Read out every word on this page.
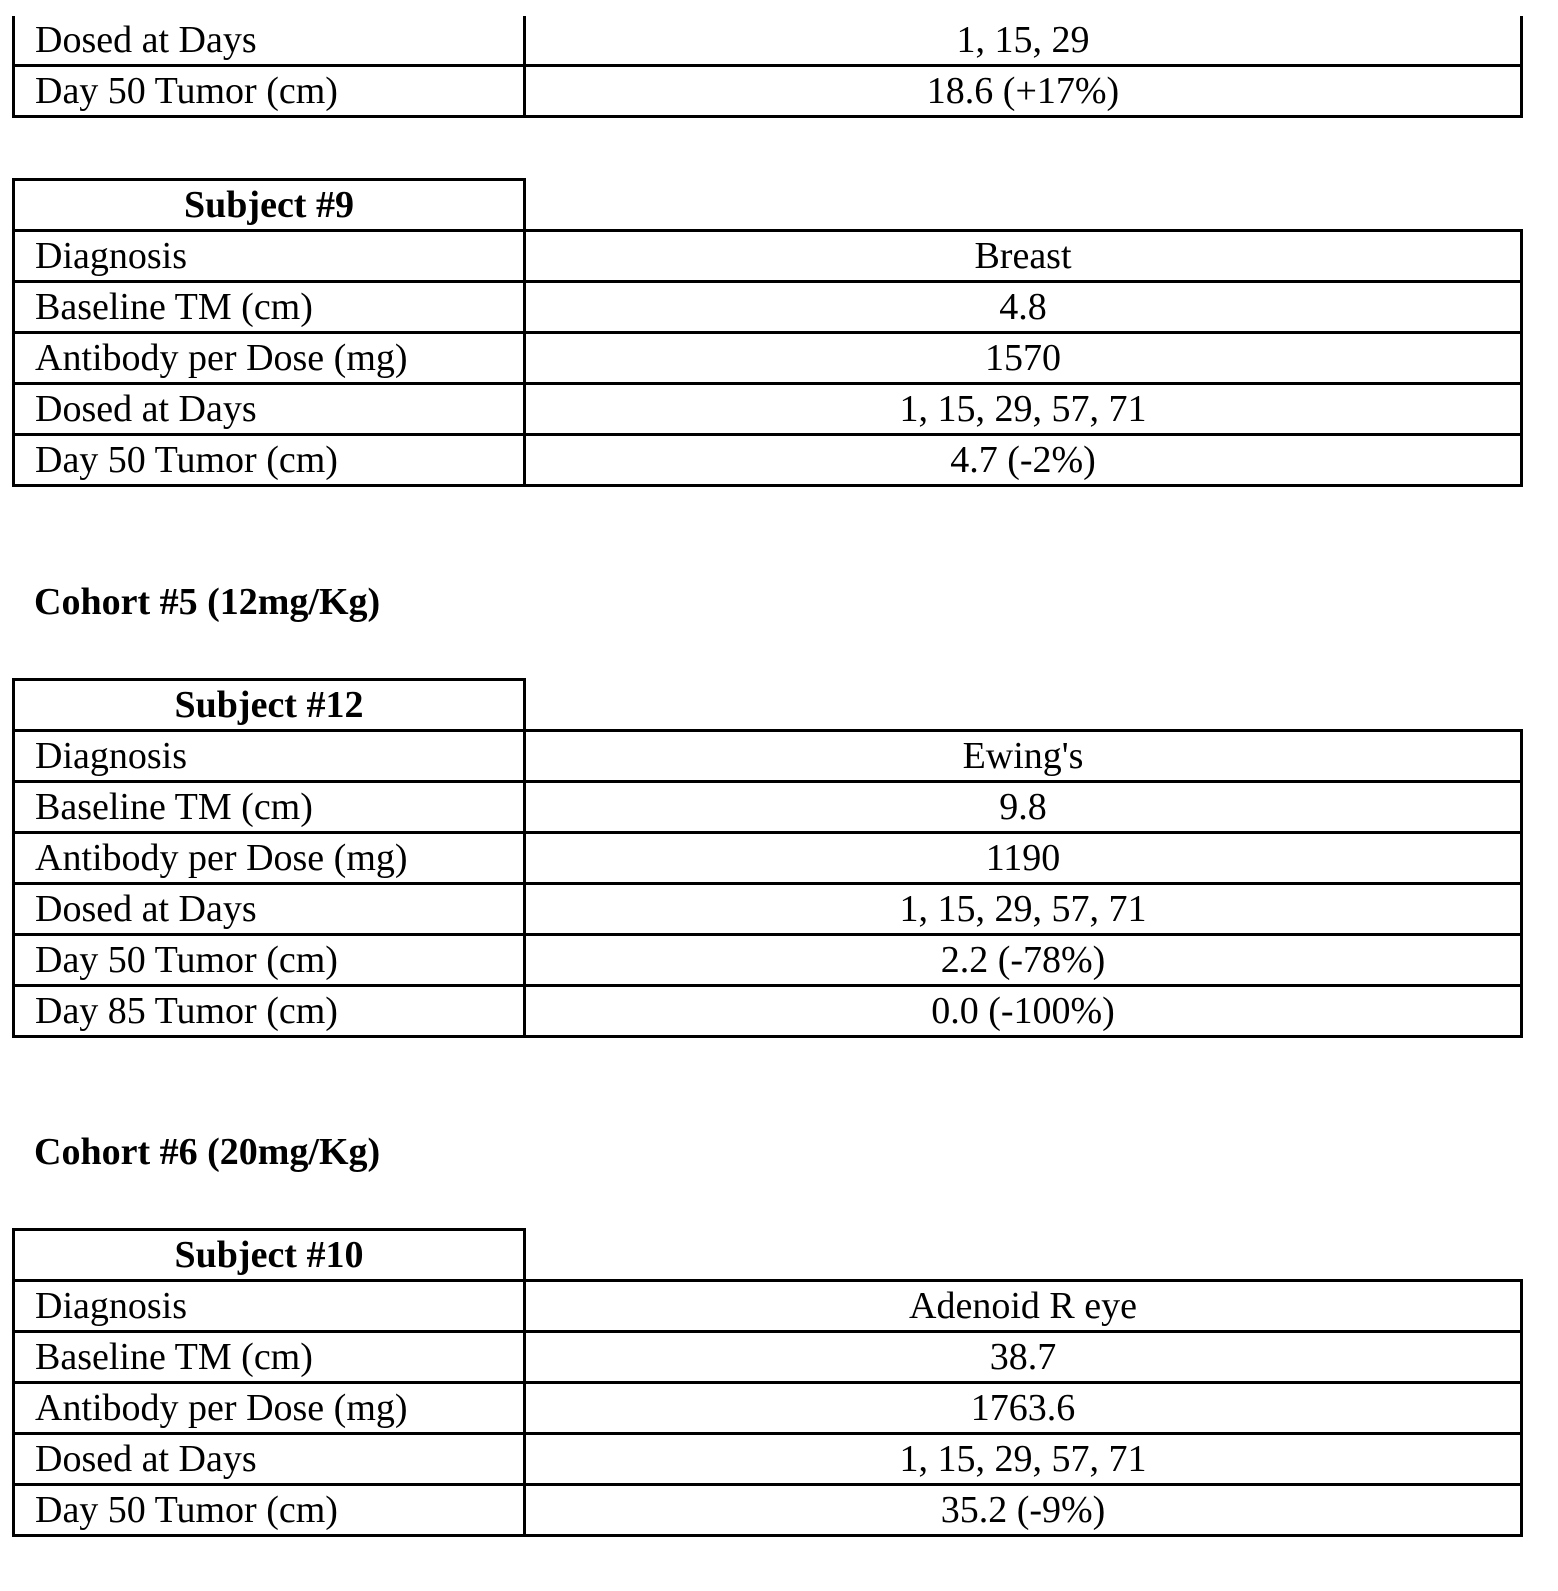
Dosed at Days	1, 15, 29
Day 50 Tumor (cm)	18.6 (+17%)
Subject #9	
Diagnosis	Breast
Baseline TM (cm)	4.8
Antibody per Dose (mg)	1570
Dosed at Days	1, 15, 29, 57, 71
Day 50 Tumor (cm)	4.7 (-2%)
Cohort #5 (12mg/Kg)
Subject #12	
Diagnosis	Ewing's
Baseline TM (cm)	9.8
Antibody per Dose (mg)	1190
Dosed at Days	1, 15, 29, 57, 71
Day 50 Tumor (cm)	2.2 (-78%)
Day 85 Tumor (cm)	0.0 (-100%)
Cohort #6 (20mg/Kg)
Subject #10	
Diagnosis	Adenoid R eye
Baseline TM (cm)	38.7
Antibody per Dose (mg)	1763.6
Dosed at Days	1, 15, 29, 57, 71
Day 50 Tumor (cm)	35.2 (-9%)
